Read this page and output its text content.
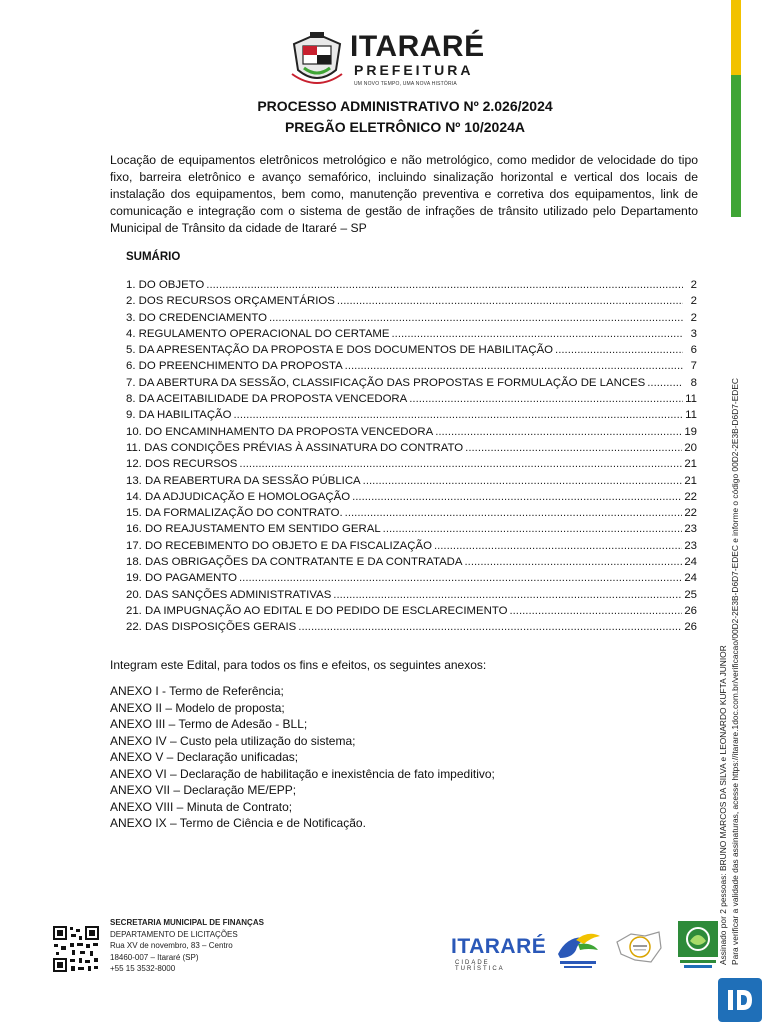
ITARARÉ
PREFEITURA
UM NOVO TEMPO, UMA NOVA HISTÓRIA
PROCESSO ADMINISTRATIVO Nº 2.026/2024
PREGÃO ELETRÔNICO Nº 10/2024A
Locação de equipamentos eletrônicos metrológico e não metrológico, como medidor de velocidade do tipo fixo, barreira eletrônico e avanço semafórico, incluindo sinalização horizontal e vertical dos locais de instalação dos equipamentos, bem como, manutenção preventiva e corretiva dos equipamentos, link de comunicação e integração com o sistema de gestão de infrações de trânsito utilizado pelo Departamento Municipal de Trânsito da cidade de Itararé – SP
SUMÁRIO
1. DO OBJETO .....	2
2. DOS RECURSOS ORÇAMENTÁRIOS .....	2
3. DO CREDENCIAMENTO .....	2
4. REGULAMENTO OPERACIONAL DO CERTAME .....	3
5. DA APRESENTAÇÃO DA PROPOSTA E DOS DOCUMENTOS DE HABILITAÇÃO .....	6
6. DO PREENCHIMENTO DA PROPOSTA .....	7
7. DA ABERTURA DA SESSÃO, CLASSIFICAÇÃO DAS PROPOSTAS E FORMULAÇÃO DE LANCES .....	8
8. DA ACEITABILIDADE DA PROPOSTA VENCEDORA .....	11
9. DA HABILITAÇÃO .....	11
10. DO ENCAMINHAMENTO DA PROPOSTA VENCEDORA .....	19
11. DAS CONDIÇÕES PRÉVIAS À ASSINATURA DO CONTRATO .....	20
12. DOS RECURSOS .....	21
13. DA REABERTURA DA SESSÃO PÚBLICA .....	21
14. DA ADJUDICAÇÃO E HOMOLOGAÇÃO .....	22
15. DA FORMALIZAÇÃO DO CONTRATO. .....	22
16. DO REAJUSTAMENTO EM SENTIDO GERAL .....	23
17. DO RECEBIMENTO DO OBJETO E DA FISCALIZAÇÃO .....	23
18. DAS OBRIGAÇÕES DA CONTRATANTE E DA CONTRATADA .....	24
19. DO PAGAMENTO .....	24
20. DAS SANÇÕES ADMINISTRATIVAS .....	25
21. DA IMPUGNAÇÃO AO EDITAL E DO PEDIDO DE ESCLARECIMENTO .....	26
22. DAS DISPOSIÇÕES GERAIS .....	26
Integram este Edital, para todos os fins e efeitos, os seguintes anexos:
ANEXO I - Termo de Referência;
ANEXO II – Modelo de proposta;
ANEXO III – Termo de Adesão - BLL;
ANEXO IV – Custo pela utilização do sistema;
ANEXO V – Declaração unificadas;
ANEXO VI – Declaração de habilitação e inexistência de fato impeditivo;
ANEXO VII – Declaração ME/EPP;
ANEXO VIII – Minuta de Contrato;
ANEXO IX – Termo de Ciência e de Notificação.
SECRETARIA MUNICIPAL DE FINANÇAS
DEPARTAMENTO DE LICITAÇÕES
Rua XV de novembro, 83 – Centro
18460-007 – Itararé (SP)
+55 15 3532-8000
ITARARÉ
CIDADE TURÍSTICA
Assinado por 2 pessoas: BRUNO MARCOS DA SILVA e LEONARDO KUFTA JUNIOR Para verificar a validade das assinaturas, acesse https://itarare.1doc.com.br/verificacao/00D2-2E3B-D6D7-EDEC e informe o código 00D2-2E3B-D6D7-EDEC
